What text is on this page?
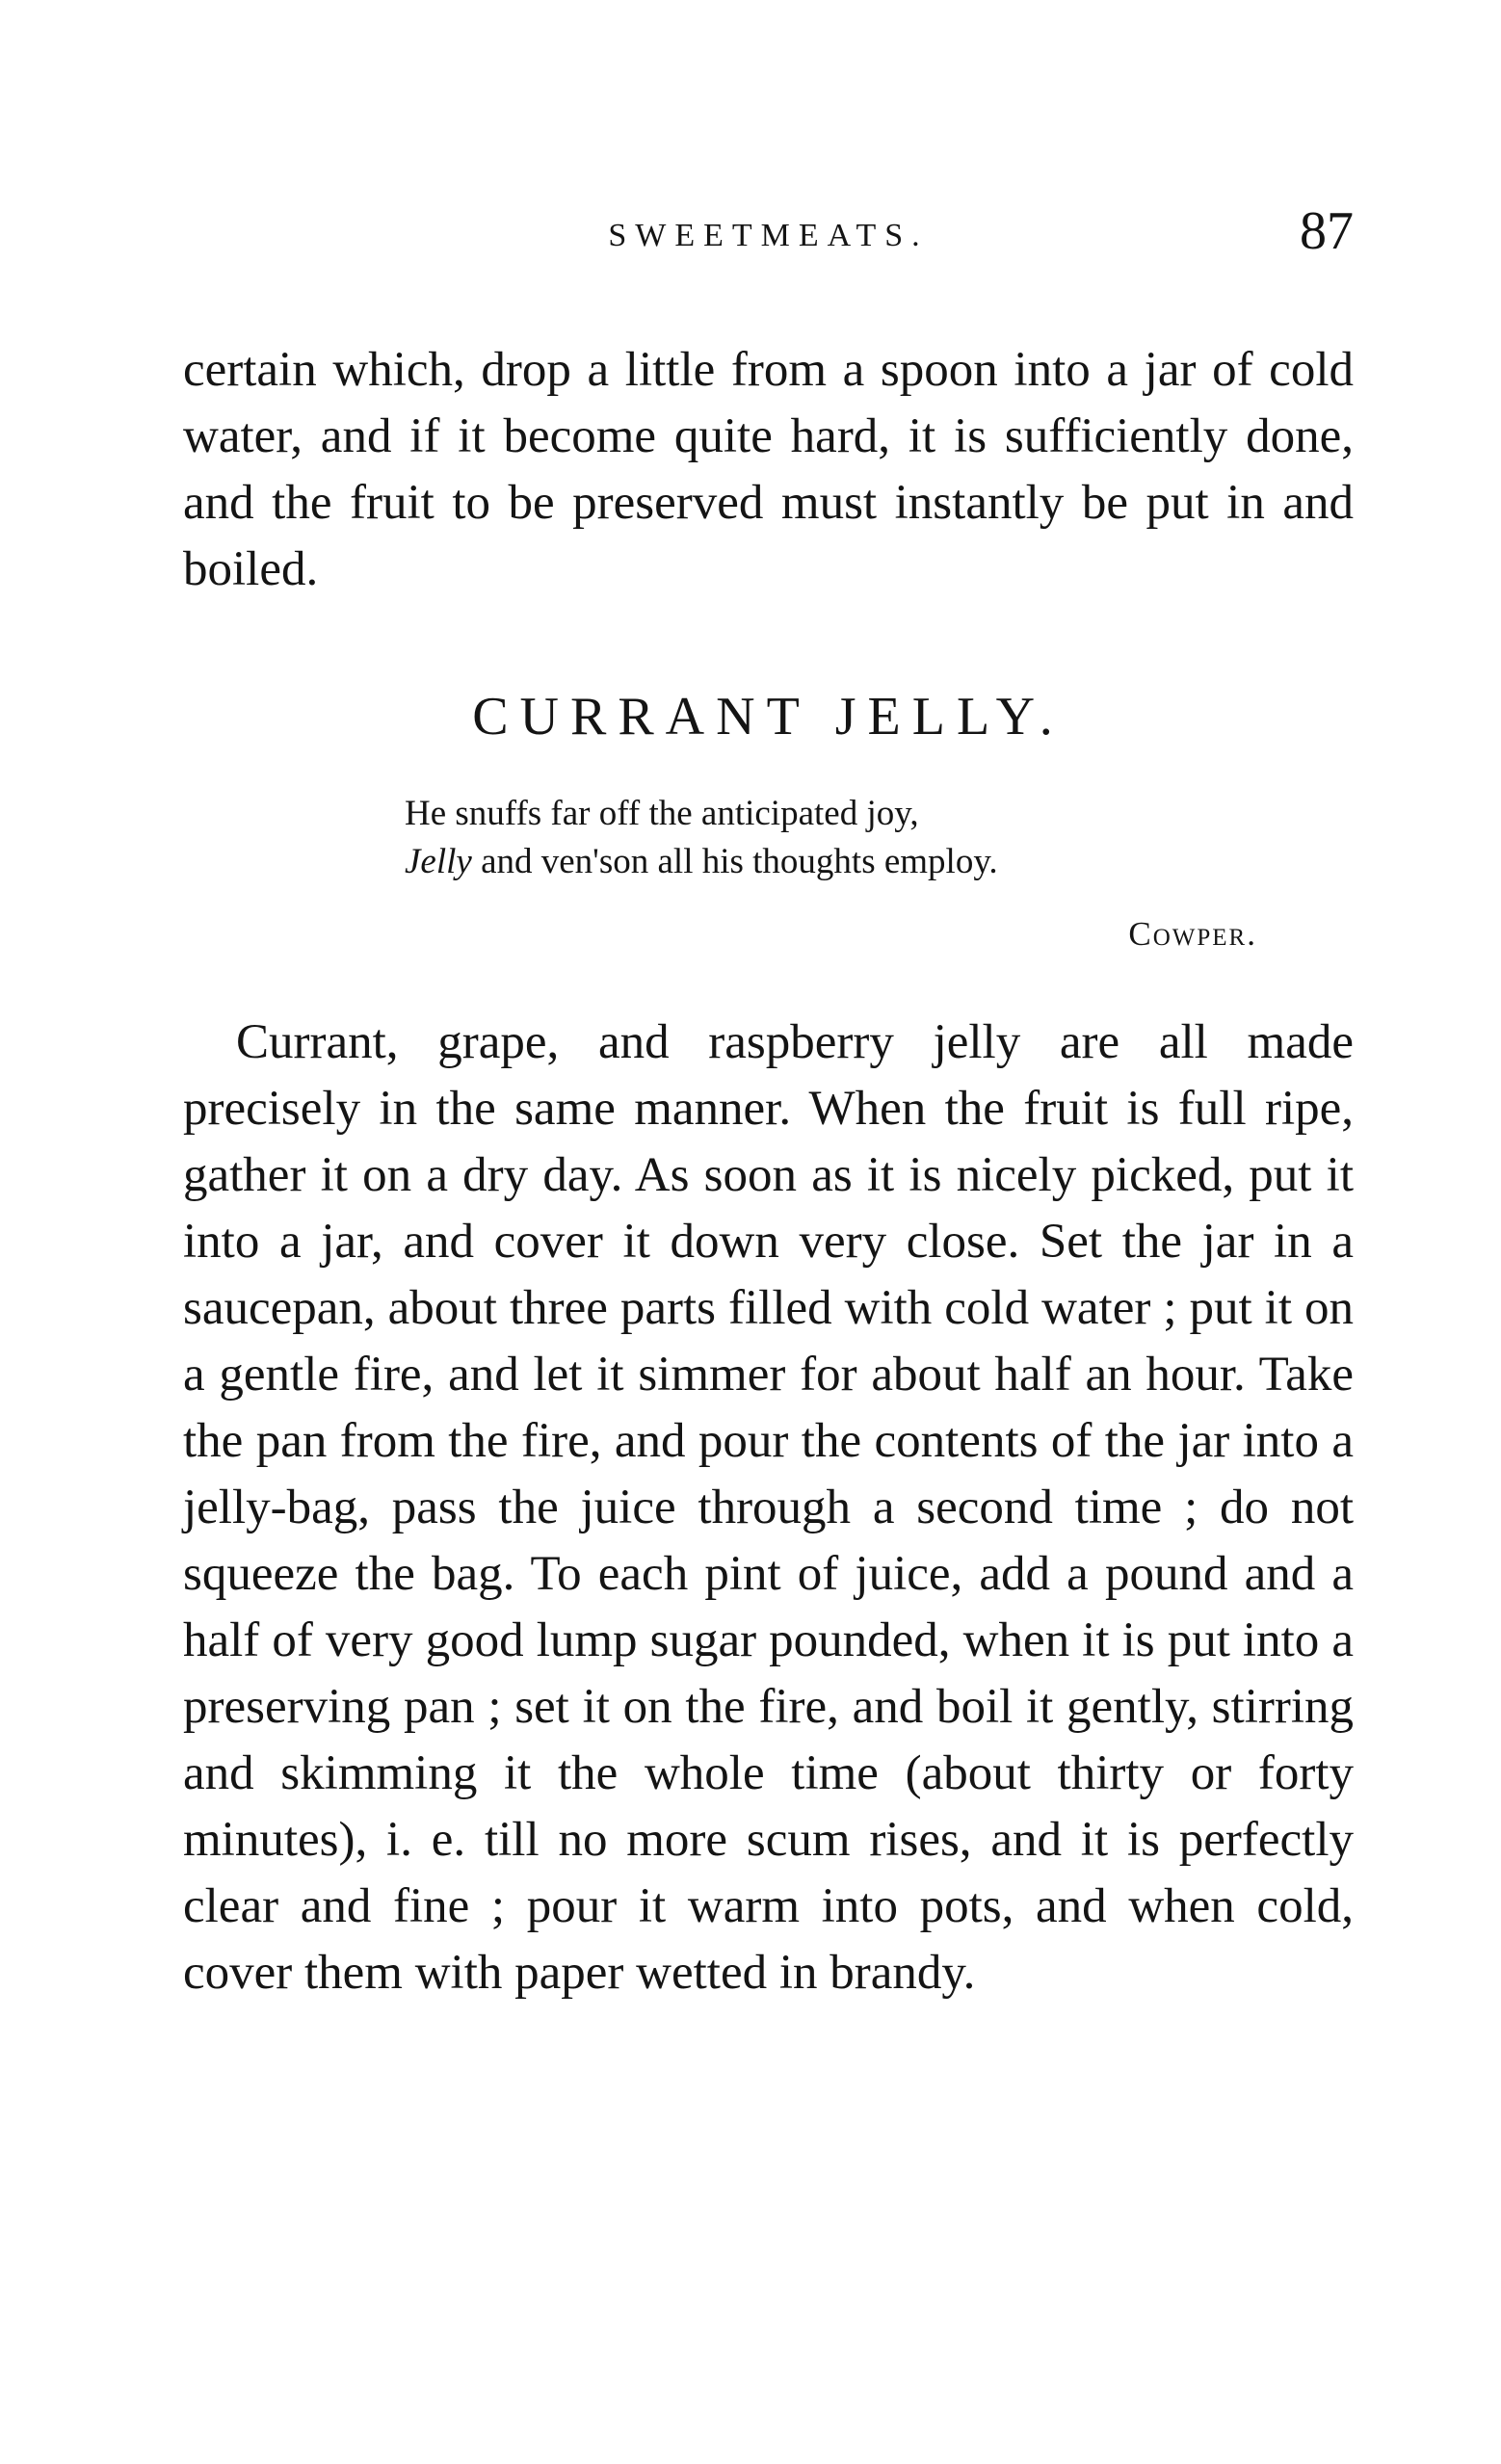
SWEETMEATS.	87

certain which, drop a little from a spoon into a jar of cold water, and if it become quite hard, it is sufficiently done, and the fruit to be preserved must instantly be put in and boiled.

CURRANT JELLY.
He snuffs far off the anticipated joy,
Jelly and ven'son all his thoughts employ.
Cowper.

Currant, grape, and raspberry jelly are all made precisely in the same manner. When the fruit is full ripe, gather it on a dry day. As soon as it is nicely picked, put it into a jar, and cover it down very close. Set the jar in a saucepan, about three parts filled with cold water ; put it on a gentle fire, and let it simmer for about half an hour. Take the pan from the fire, and pour the contents of the jar into a jelly-bag, pass the juice through a second time ; do not squeeze the bag. To each pint of juice, add a pound and a half of very good lump sugar pounded, when it is put into a preserving pan ; set it on the fire, and boil it gently, stirring and skimming it the whole time (about thirty or forty minutes), i. e. till no more scum rises, and it is perfectly clear and fine ; pour it warm into pots, and when cold, cover them with paper wetted in brandy.
